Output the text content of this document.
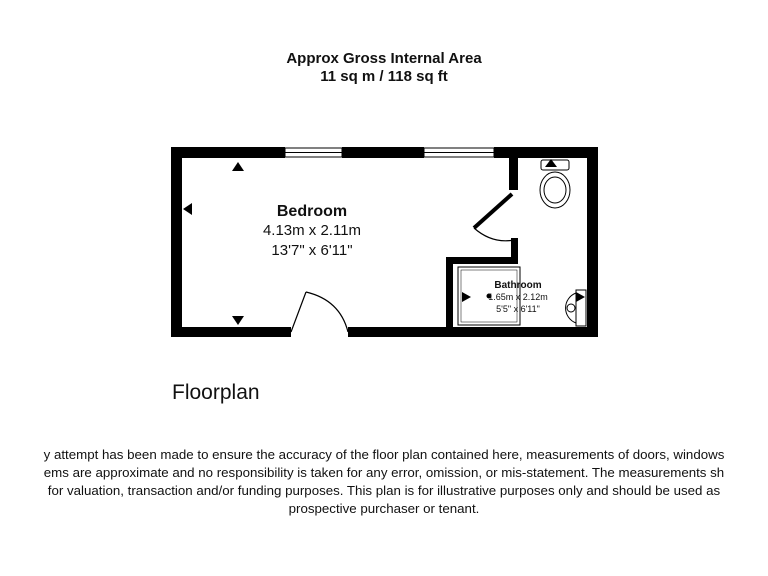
Approx Gross Internal Area
11 sq m / 118 sq ft
Bedroom
4.13m x 2.11m
13'7" x 6'11"
Bathroom
1.65m x 2.12m
5'5" x 6'11"
Floorplan
y attempt has been made to ensure the accuracy of the floor plan contained here, measurements of doors, windows
ems are approximate and no responsibility is taken for any error, omission, or mis-statement. The measurements sh
for valuation, transaction and/or funding purposes. This plan is for illustrative purposes only and should be used as
prospective purchaser or tenant.
